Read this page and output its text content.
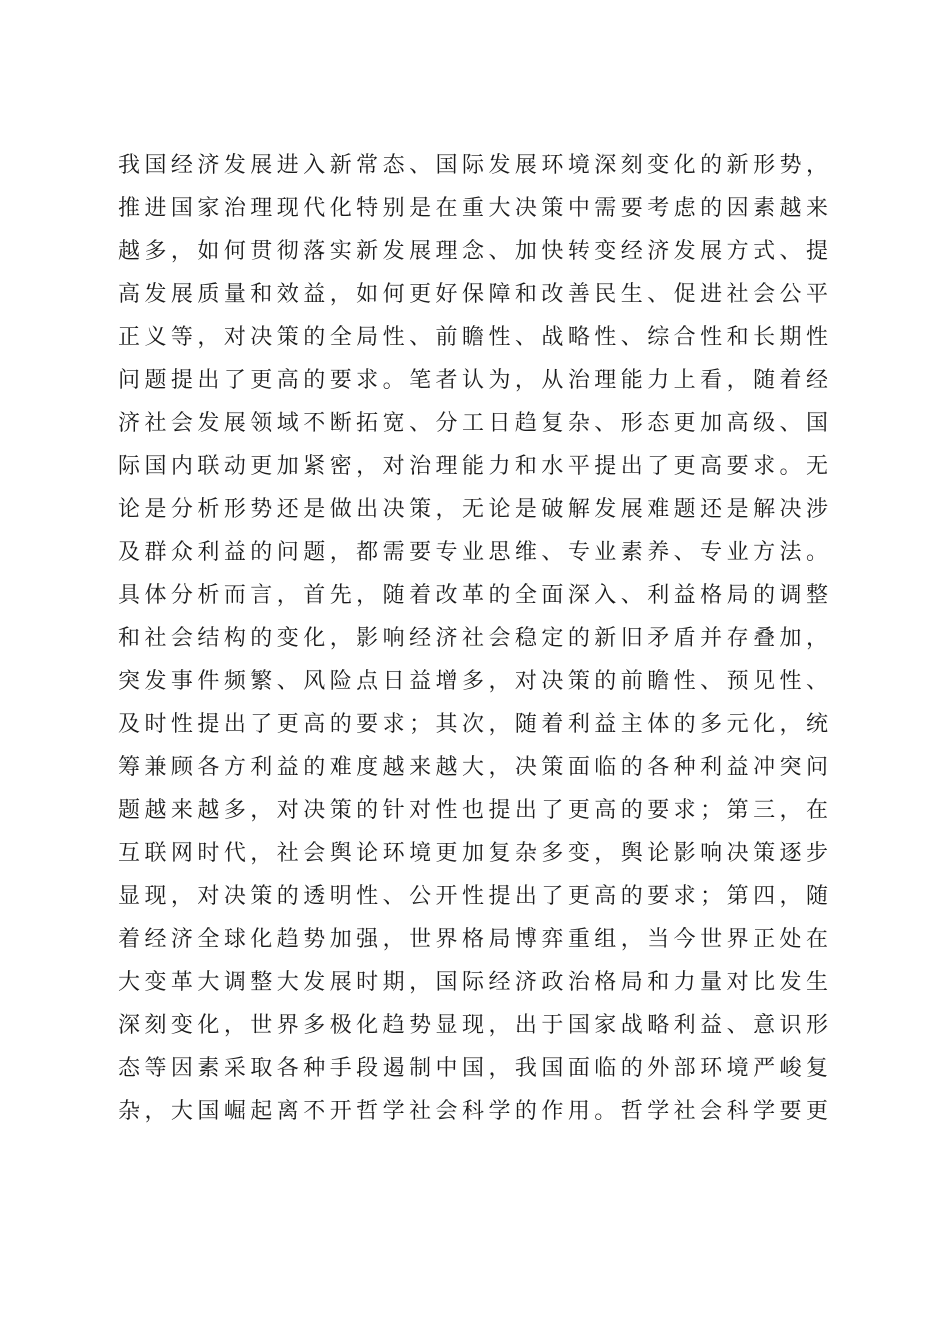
我国经济发展进入新常态、国际发展环境深刻变化的新形势，
推进国家治理现代化特别是在重大决策中需要考虑的因素越来
越多，如何贯彻落实新发展理念、加快转变经济发展方式、提
高发展质量和效益，如何更好保障和改善民生、促进社会公平
正义等，对决策的全局性、前瞻性、战略性、综合性和长期性
问题提出了更高的要求。笔者认为，从治理能力上看，随着经
济社会发展领域不断拓宽、分工日趋复杂、形态更加高级、国
际国内联动更加紧密，对治理能力和水平提出了更高要求。无
论是分析形势还是做出决策，无论是破解发展难题还是解决涉
及群众利益的问题，都需要专业思维、专业素养、专业方法。
具体分析而言，首先，随着改革的全面深入、利益格局的调整
和社会结构的变化，影响经济社会稳定的新旧矛盾并存叠加，
突发事件频繁、风险点日益增多，对决策的前瞻性、预见性、
及时性提出了更高的要求；其次，随着利益主体的多元化，统
筹兼顾各方利益的难度越来越大，决策面临的各种利益冲突问
题越来越多，对决策的针对性也提出了更高的要求；第三，在
互联网时代，社会舆论环境更加复杂多变，舆论影响决策逐步
显现，对决策的透明性、公开性提出了更高的要求；第四，随
着经济全球化趋势加强，世界格局博弈重组，当今世界正处在
大变革大调整大发展时期，国际经济政治格局和力量对比发生
深刻变化，世界多极化趋势显现，出于国家战略利益、意识形
态等因素采取各种手段遏制中国，我国面临的外部环境严峻复
杂，大国崛起离不开哲学社会科学的作用。哲学社会科学要更
